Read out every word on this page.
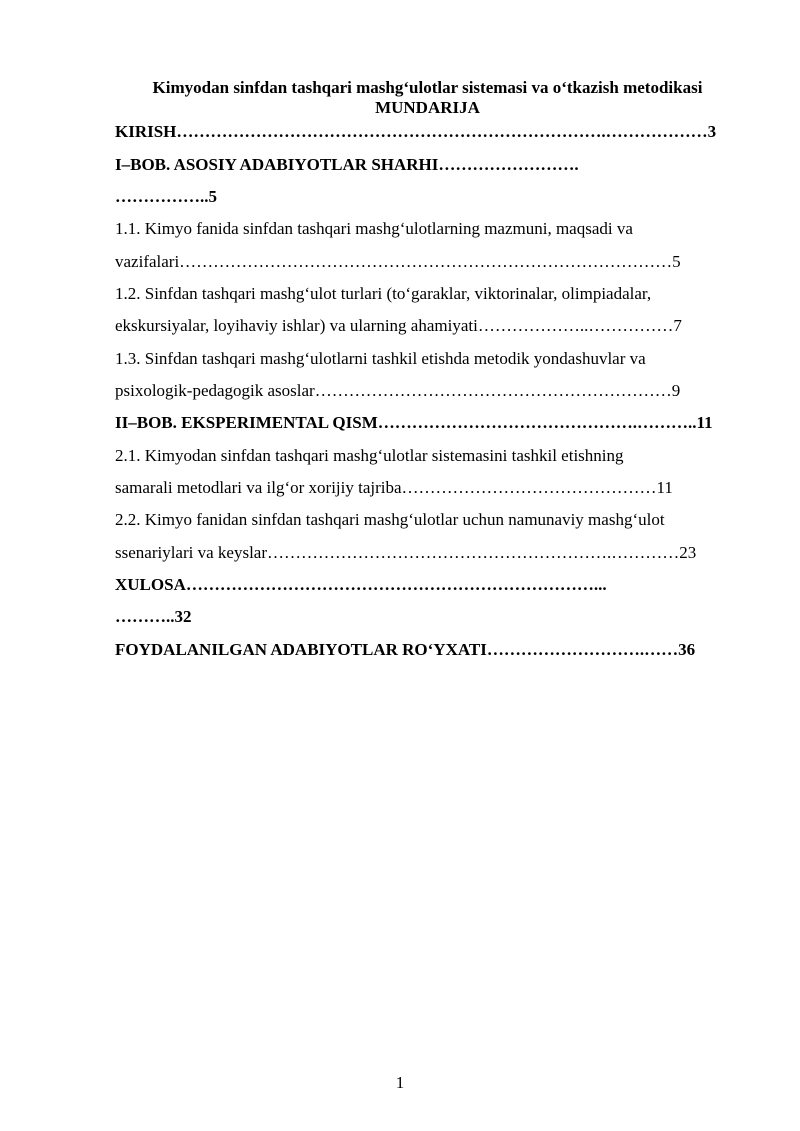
Kimyodan sinfdan tashqari mashg‘ulotlar sistemasi va o‘tkazish metodikasi
MUNDARIJA
KIRISH………………………………………………………………….………………3
I–BOB. ASOSIY ADABIYOTLAR SHARHI…………………….
……………..5
1.1. Kimyo fanida sinfdan tashqari mashg‘ulotlarning mazmuni, maqsadi va
vazifalari……………………………………………………………………………5
1.2. Sinfdan tashqari mashg‘ulot turlari (to‘garaklar, viktorinalar, olimpiadalar,
ekskursiyalar, loyihaviy ishlar) va ularning ahamiyati………………..……………7
1.3. Sinfdan tashqari mashg‘ulotlarni tashkil etishda metodik yondashuvlar va
psixologik-pedagogik asoslar………………………………………………………9
II–BOB. EKSPERIMENTAL QISM……………………………………….………..11
2.1. Kimyodan sinfdan tashqari mashg‘ulotlar sistemasini tashkil etishning
samarali metodlari va ilg‘or xorijiy tajriba………………………………………11
2.2. Kimyo fanidan sinfdan tashqari mashg‘ulotlar uchun namunaviy mashg‘ulot
ssenariylari va keyslar…………………………………………………….…………23
XULOSA………………………………………………………………...
………..32
FOYDALANILGAN ADABIYOTLAR RO‘YXATI……………………….……36
1
